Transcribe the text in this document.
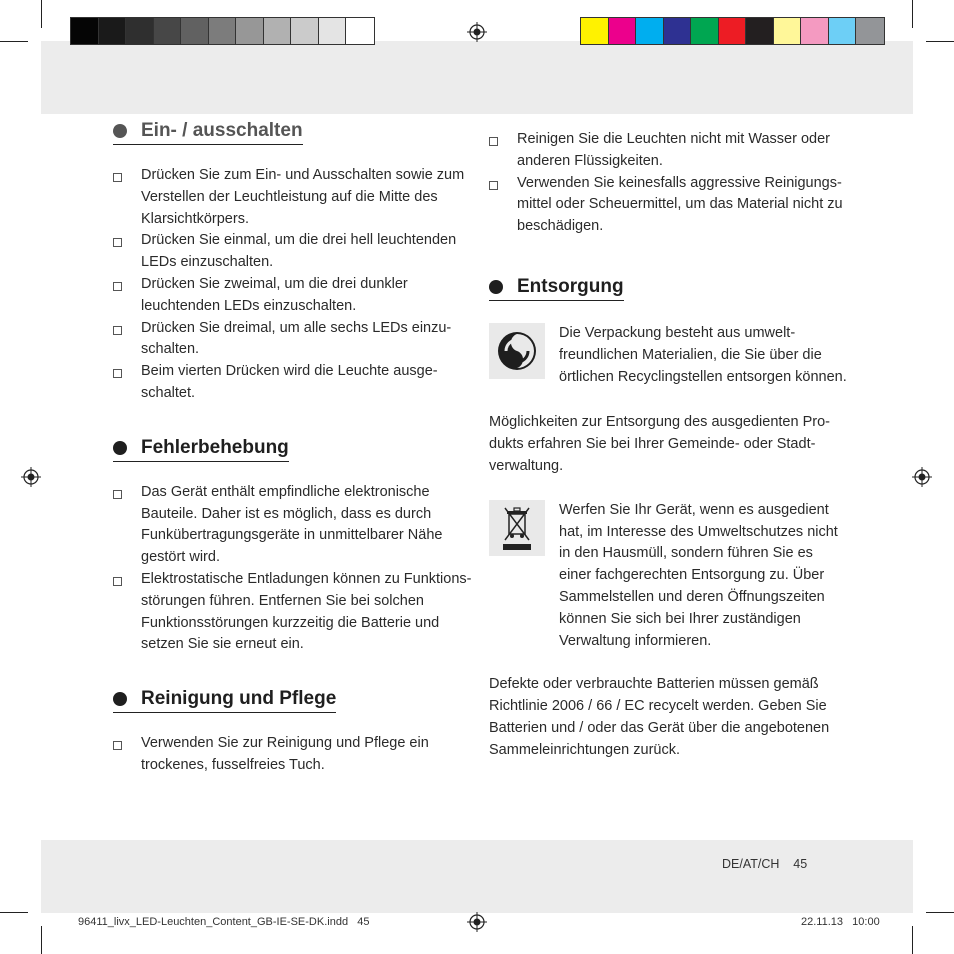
Ein- / ausschalten
Drücken Sie zum Ein- und Ausschalten sowie zum Verstellen der Leuchtleistung auf die Mitte des Klarsichtkörpers.
Drücken Sie einmal, um die drei hell leuchtenden LEDs einzuschalten.
Drücken Sie zweimal, um die drei dunkler leuchtenden LEDs einzuschalten.
Drücken Sie dreimal, um alle sechs LEDs einzu-schalten.
Beim vierten Drücken wird die Leuchte ausge-schaltet.
Fehlerbehebung
Das Gerät enthält empfindliche elektronische Bauteile. Daher ist es möglich, dass es durch Funkübertragungsgeräte in unmittelbarer Nähe gestört wird.
Elektrostatische Entladungen können zu Funktions-störungen führen. Entfernen Sie bei solchen Funktionsstörungen kurzzeitig die Batterie und setzen Sie sie erneut ein.
Reinigung und Pflege
Verwenden Sie zur Reinigung und Pflege ein trockenes, fusselfreies Tuch.
Reinigen Sie die Leuchten nicht mit Wasser oder anderen Flüssigkeiten.
Verwenden Sie keinesfalls aggressive Reinigungs-mittel oder Scheuermittel, um das Material nicht zu beschädigen.
Entsorgung

Die Verpackung besteht aus umwelt-freundlichen Materialien, die Sie über die örtlichen Recyclingstellen entsorgen können.

Möglichkeiten zur Entsorgung des ausgedienten Pro-dukts erfahren Sie bei Ihrer Gemeinde- oder Stadt-verwaltung.

Werfen Sie Ihr Gerät, wenn es ausgedient hat, im Interesse des Umweltschutzes nicht in den Hausmüll, sondern führen Sie es einer fachgerechten Entsorgung zu. Über Sammelstellen und deren Öffnungszeiten können Sie sich bei Ihrer zuständigen Verwaltung informieren.

Defekte oder verbrauchte Batterien müssen gemäß Richtlinie 2006 / 66 / EC recycelt werden. Geben Sie Batterien und / oder das Gerät über die angebotenen Sammeleinrichtungen zurück.

DE/AT/CH    45
96411_livx_LED-Leuchten_Content_GB-IE-SE-DK.indd   45	22.11.13   10:00
